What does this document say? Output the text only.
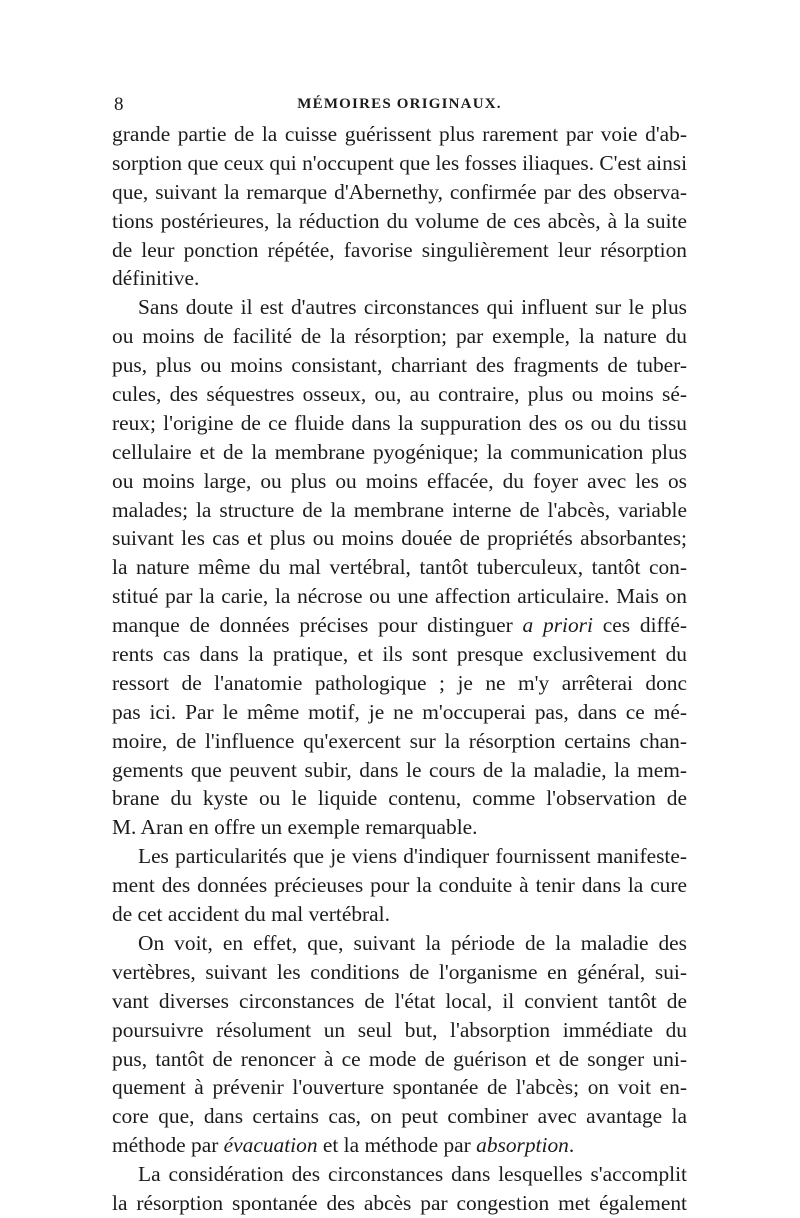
8	MÉMOIRES ORIGINAUX.
grande partie de la cuisse guérissent plus rarement par voie d'ab-
sorption que ceux qui n'occupent que les fosses iliaques. C'est ainsi
que, suivant la remarque d'Abernethy, confirmée par des observa-
tions postérieures, la réduction du volume de ces abcès, à la suite
de leur ponction répétée, favorise singulièrement leur résorption
définitive.
Sans doute il est d'autres circonstances qui influent sur le plus
ou moins de facilité de la résorption; par exemple, la nature du
pus, plus ou moins consistant, charriant des fragments de tuber-
cules, des séquestres osseux, ou, au contraire, plus ou moins sé-
reux; l'origine de ce fluide dans la suppuration des os ou du tissu
cellulaire et de la membrane pyogénique; la communication plus
ou moins large, ou plus ou moins effacée, du foyer avec les os
malades; la structure de la membrane interne de l'abcès, variable
suivant les cas et plus ou moins douée de propriétés absorbantes;
la nature même du mal vertébral, tantôt tuberculeux, tantôt con-
stitué par la carie, la nécrose ou une affection articulaire. Mais on
manque de données précises pour distinguer a priori ces diffé-
rents cas dans la pratique, et ils sont presque exclusivement du
ressort de l'anatomie pathologique ; je ne m'y arrêterai donc
pas ici. Par le même motif, je ne m'occuperai pas, dans ce mé-
moire, de l'influence qu'exercent sur la résorption certains chan-
gements que peuvent subir, dans le cours de la maladie, la mem-
brane du kyste ou le liquide contenu, comme l'observation de
M. Aran en offre un exemple remarquable.
Les particularités que je viens d'indiquer fournissent manifeste-
ment des données précieuses pour la conduite à tenir dans la cure
de cet accident du mal vertébral.
On voit, en effet, que, suivant la période de la maladie des
vertèbres, suivant les conditions de l'organisme en général, sui-
vant diverses circonstances de l'état local, il convient tantôt de
poursuivre résolument un seul but, l'absorption immédiate du
pus, tantôt de renoncer à ce mode de guérison et de songer uni-
quement à prévenir l'ouverture spontanée de l'abcès; on voit en-
core que, dans certains cas, on peut combiner avec avantage la
méthode par évacuation et la méthode par absorption.
La considération des circonstances dans lesquelles s'accomplit
la résorption spontanée des abcès par congestion met également
